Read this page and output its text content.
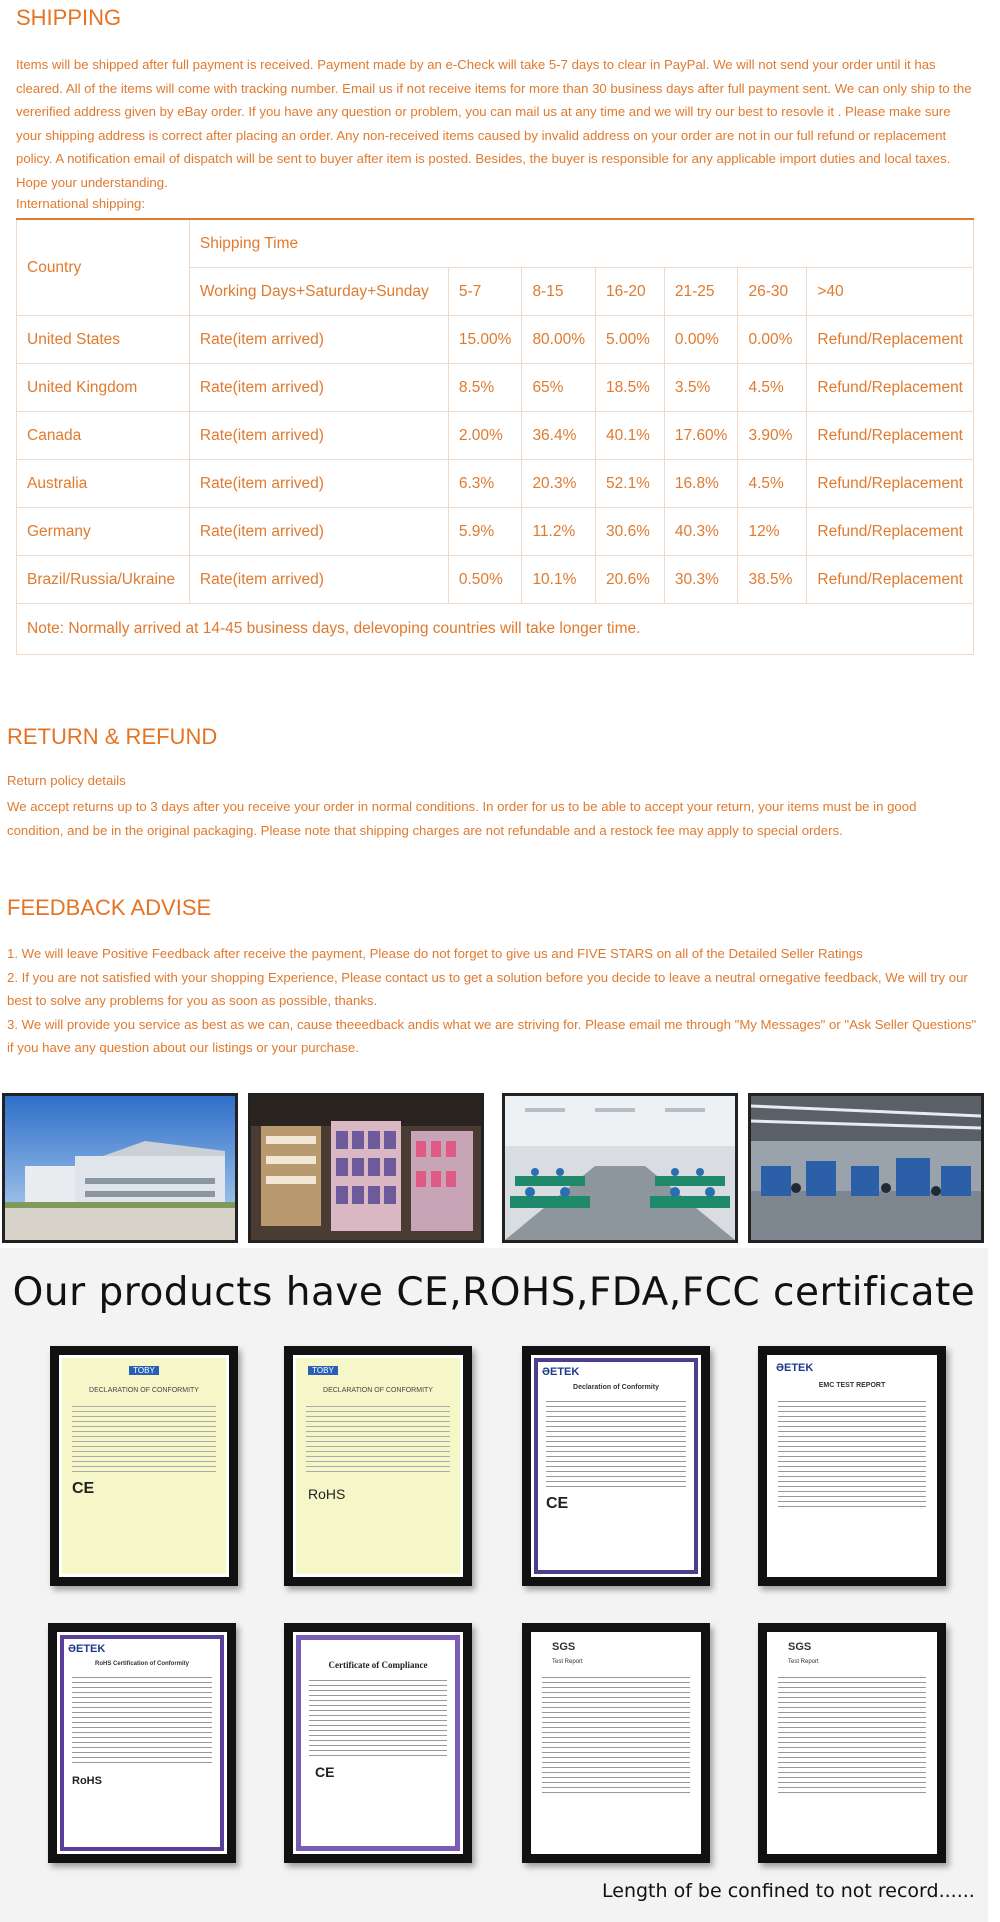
SHIPPING
Items will be shipped after full payment is received. Payment made by an e-Check will take 5-7 days to clear in PayPal. We will not send your order until it has cleared. All of the items will come with tracking number. Email us if not receive items for more than 30 business days after full payment sent. We can only ship to the vererified address given by eBay order. If you have any question or problem, you can mail us at any time and we will try our best to resovle it . Please make sure your shipping address is correct after placing an order. Any non-received items caused by invalid address on your order are not in our full refund or replacement policy. A notification email of dispatch will be sent to buyer after item is posted. Besides, the buyer is responsible for any applicable import duties and local taxes. Hope your understanding.
International shipping:
Country	Shipping Time						
	Working Days+Saturday+Sunday	5-7	8-15	16-20	21-25	26-30	>40
United States	Rate(item arrived)	15.00%	80.00%	5.00%	0.00%	0.00%	Refund/Replacement
United Kingdom	Rate(item arrived)	8.5%	65%	18.5%	3.5%	4.5%	Refund/Replacement
Canada	Rate(item arrived)	2.00%	36.4%	40.1%	17.60%	3.90%	Refund/Replacement
Australia	Rate(item arrived)	6.3%	20.3%	52.1%	16.8%	4.5%	Refund/Replacement
Germany	Rate(item arrived)	5.9%	11.2%	30.6%	40.3%	12%	Refund/Replacement
Brazil/Russia/Ukraine	Rate(item arrived)	0.50%	10.1%	20.6%	30.3%	38.5%	Refund/Replacement
Note: Normally arrived at 14-45 business days, delevoping countries will take longer time.							
RETURN & REFUND
Return policy details
We accept returns up to 3 days after you receive your order in normal conditions. In order for us to be able to accept your return, your items must be in good condition, and be in the original packaging. Please note that shipping charges are not refundable and a restock fee may apply to special orders.
FEEDBACK ADVISE
1. We will leave Positive Feedback after receive the payment, Please do not forget to give us and FIVE STARS on all of the Detailed Seller Ratings
2. If you are not satisfied with your shopping Experience, Please contact us to get a solution before you decide to leave a neutral ornegative feedback, We will try our best to solve any problems for you as soon as possible, thanks.
3. We will provide you service as best as we can, cause theeedback andis what we are striving for. Please email me through "My Messages" or "Ask Seller Questions" if you have any question about our listings or your purchase.
Our products have CE,ROHS,FDA,FCC certificate
TOBY
DECLARATION OF CONFORMITY
CE
TOBY
DECLARATION OF CONFORMITY
RoHS
ƏETEK
Declaration of Conformity
CE
ƏETEK
EMC TEST REPORT
ƏETEK
RoHS Certification of Conformity
RoHS
Certificate of Compliance
CE
SGS
Test Report
SGS
Test Report
Length of be confined to not record......
